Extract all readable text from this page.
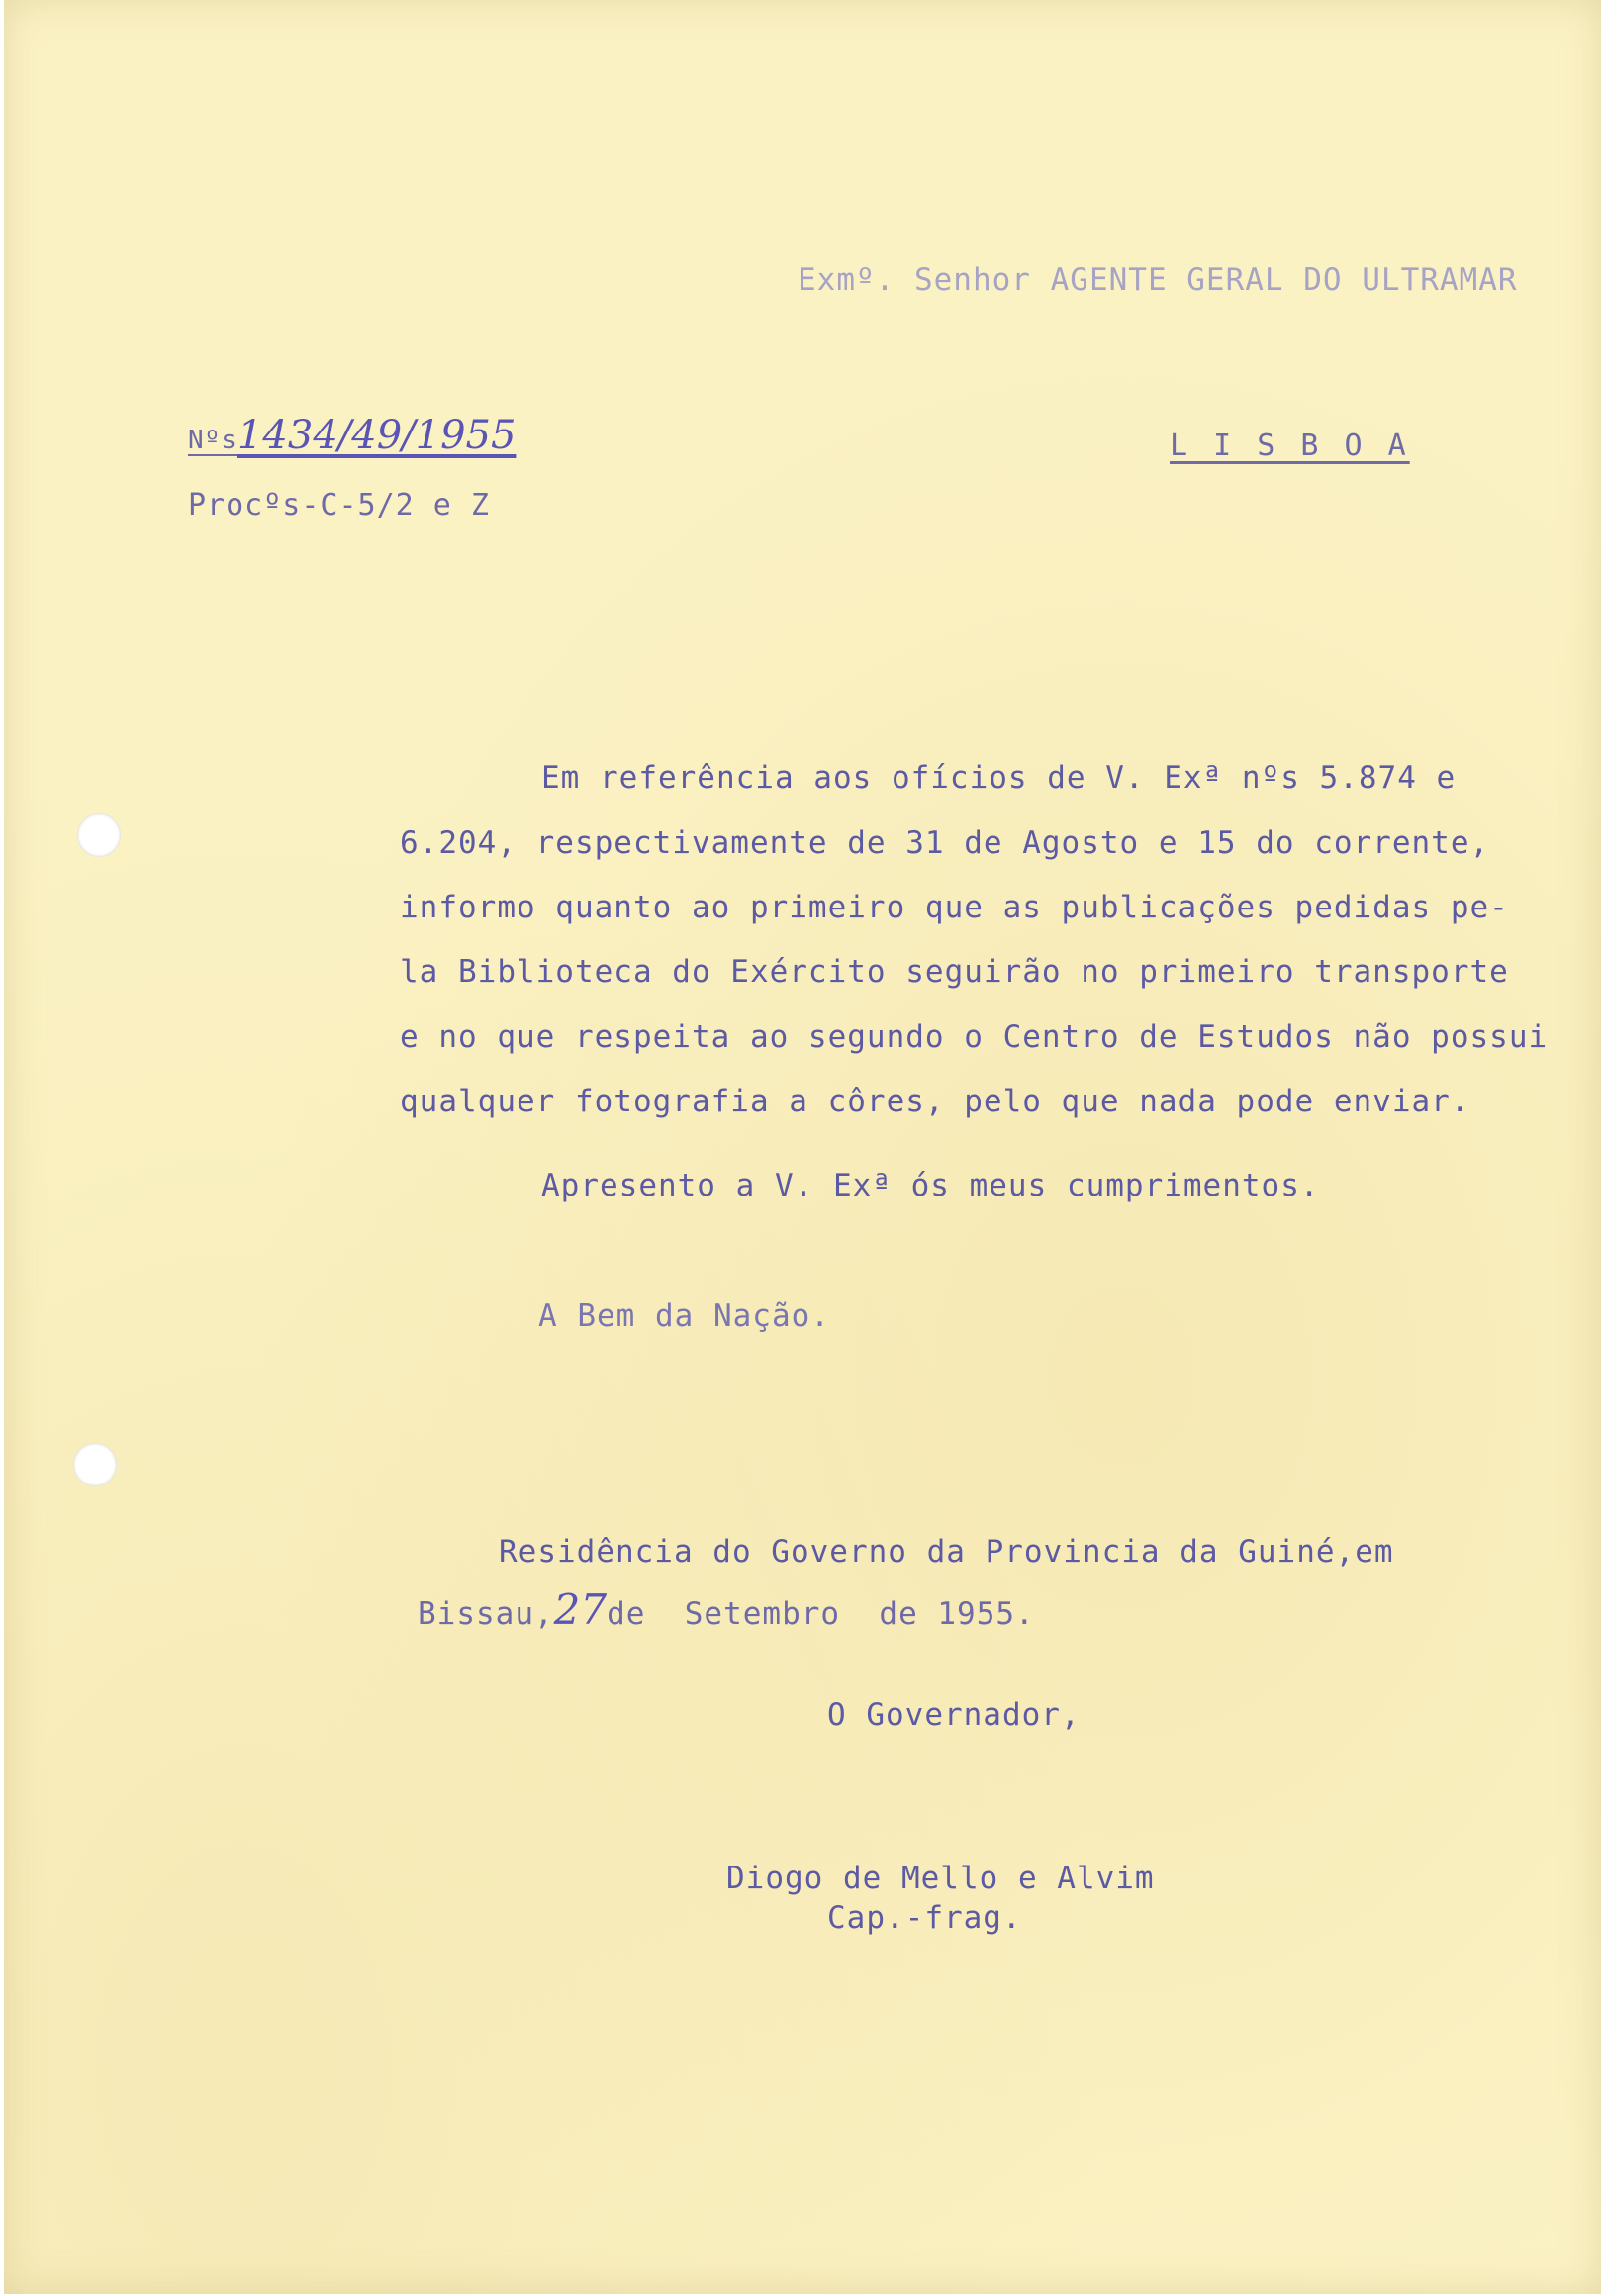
Exmº. Senhor AGENTE GERAL DO ULTRAMAR
Nºs1434/49/1955
Procºs-C-5/2 e Z
L I S B O A
Em referência aos ofícios de V. Exª nºs 5.874 e
6.204, respectivamente de 31 de Agosto e 15 do corrente,
informo quanto ao primeiro que as publicações pedidas pe-
la Biblioteca do Exército seguirão no primeiro transporte
e no que respeita ao segundo o Centro de Estudos não possui
qualquer fotografia a côres, pelo que nada pode enviar.
Apresento a V. Exª ós meus cumprimentos.
A Bem da Nação.
Residência do Governo da Provincia da Guiné,em
Bissau,27de  Setembro  de 1955.
O Governador,
Diogo de Mello e Alvim
Cap.-frag.
